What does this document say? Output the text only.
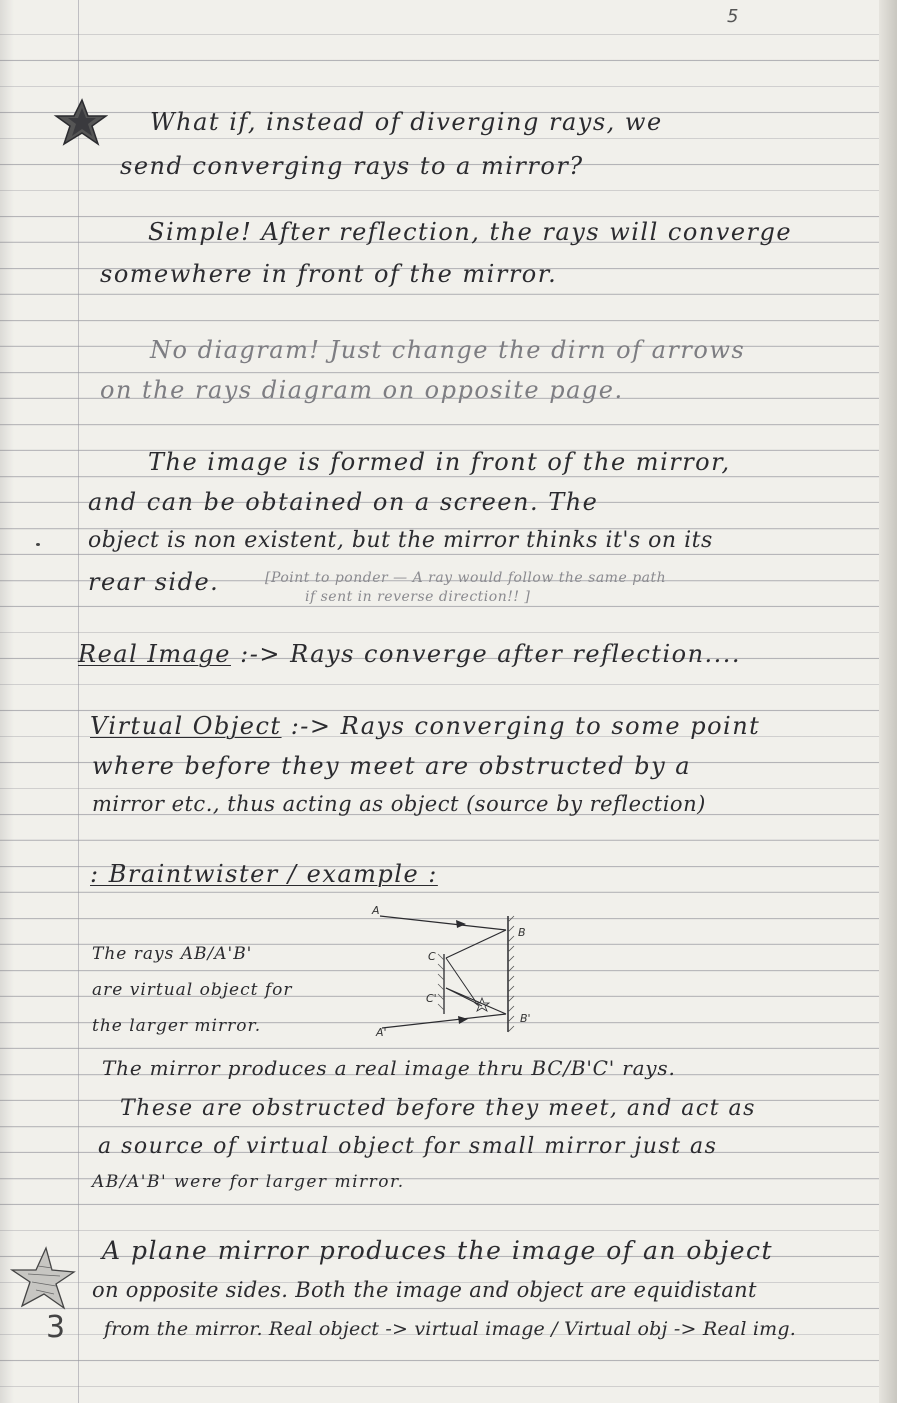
5
What if, instead of diverging rays, we
send converging rays to a mirror?
Simple! After reflection, the rays will converge
somewhere in front of the mirror.
No diagram! Just change the dirn of arrows
on the rays diagram on opposite page.
The image is formed in front of the mirror,
and can be obtained on a screen. The
object is non existent, but the mirror thinks it's on its
rear side.	[Point to ponder — A ray would follow the same path
if sent in reverse direction!! ]
Real Image :-> Rays converge after reflection....
Virtual Object :-> Rays converging to some point
where before they meet are obstructed by a
mirror etc., thus acting as object (source by reflection)
: Braintwister / example :
The rays AB/A'B'
are virtual object for
the larger mirror.
A
B
C
C'
A'
B'
The mirror produces a real image thru BC/B'C' rays.
These are obstructed before they meet, and act as
a source of virtual object for small mirror just as
AB/A'B' were for larger mirror.
3
A plane mirror produces the image of an object
on opposite sides. Both the image and object are equidistant
from the mirror. Real object -> virtual image / Virtual obj -> Real img.
